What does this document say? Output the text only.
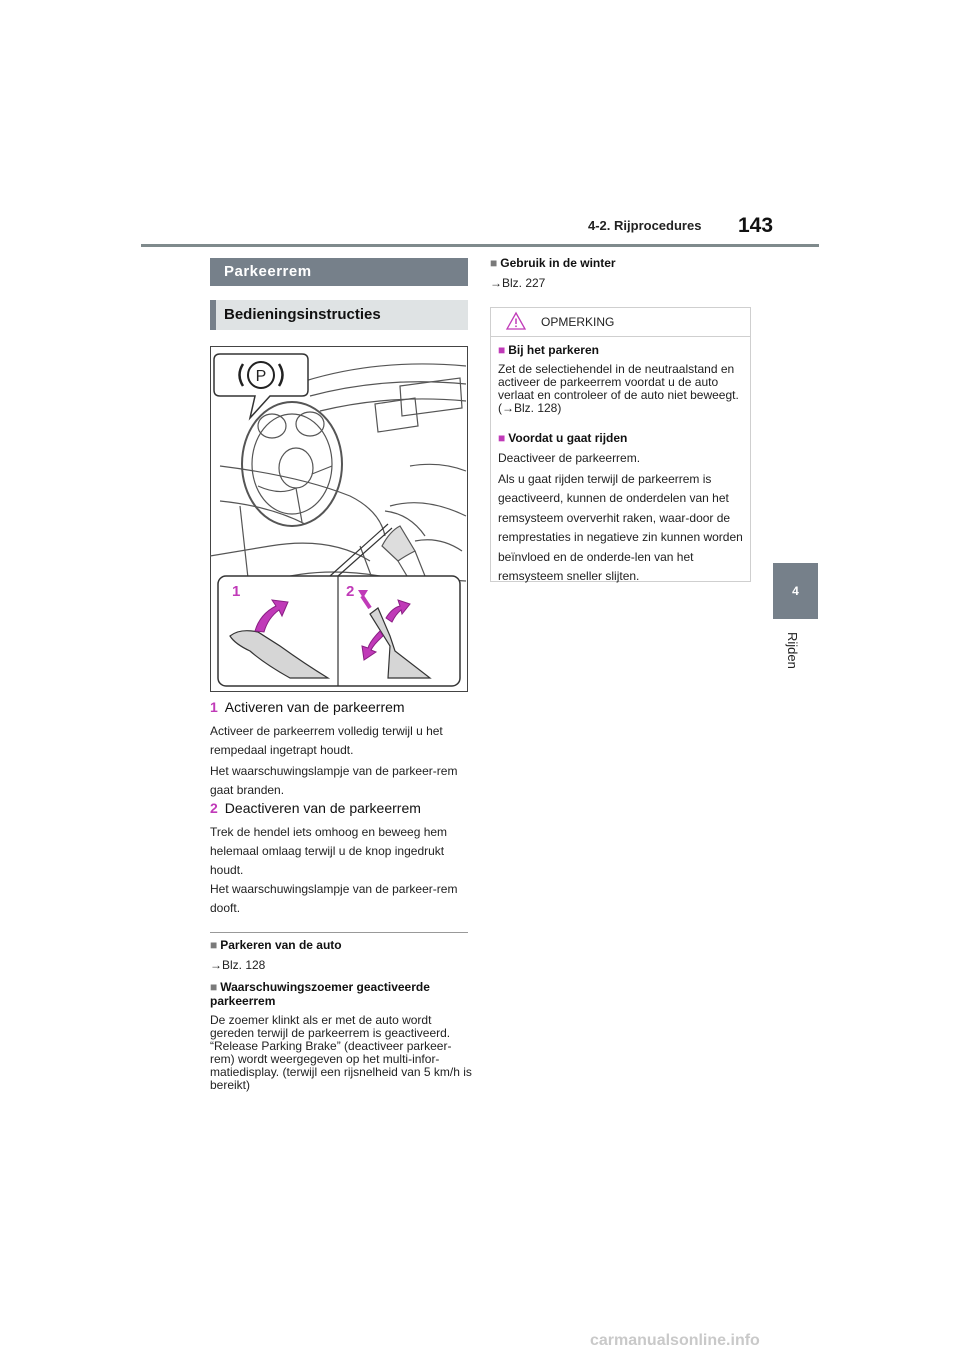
4-2. Rijprocedures 143
4
Rijden
Parkeerrem
Bedieningsinstructies
P
1	2
1 Activeren van de parkeerrem
Activeer de parkeerrem volledig terwijl u het rempedaal ingetrapt houdt.
Het waarschuwingslampje van de parkeer-rem gaat branden.
2 Deactiveren van de parkeerrem
Trek de hendel iets omhoog en beweeg hem helemaal omlaag terwijl u de knop ingedrukt houdt.
Het waarschuwingslampje van de parkeer-rem dooft.
■ Parkeren van de auto
→Blz. 128
■ Waarschuwingszoemer geactiveerde parkeerrem
De zoemer klinkt als er met de auto wordt gereden terwijl de parkeerrem is geactiveerd. “Release Parking Brake” (deactiveer parkeer-rem) wordt weergegeven op het multi-infor-matiedisplay. (terwijl een rijsnelheid van 5 km/h is bereikt)
■ Gebruik in de winter
→Blz. 227
OPMERKING
■ Bij het parkeren
Zet de selectiehendel in de neutraalstand en activeer de parkeerrem voordat u de auto verlaat en controleer of de auto niet beweegt. (→Blz. 128)
■ Voordat u gaat rijden
Deactiveer de parkeerrem.
Als u gaat rijden terwijl de parkeerrem is geactiveerd, kunnen de onderdelen van het remsysteem oververhit raken, waar-door de remprestaties in negatieve zin kunnen worden beïnvloed en de onderde-len van het remsysteem sneller slijten.
carmanualsonline.info
